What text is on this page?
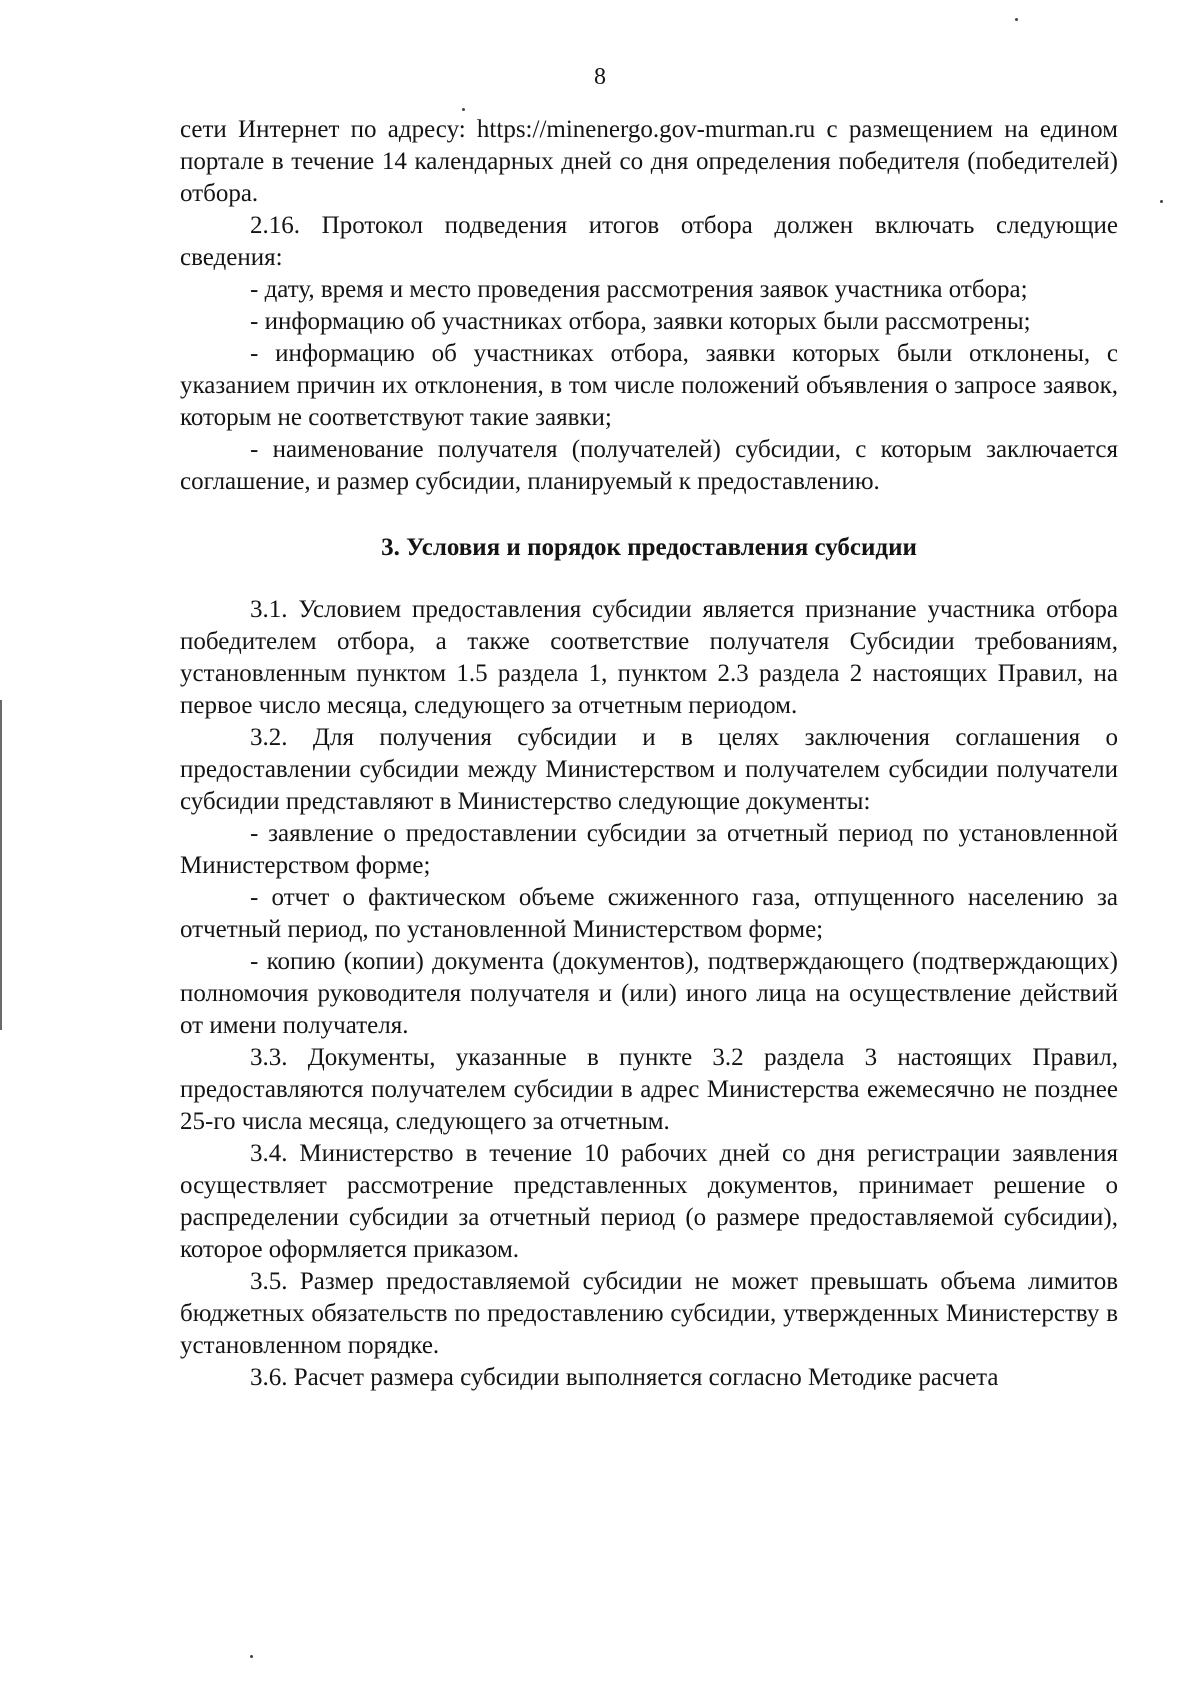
8

сети Интернет по адресу: https://minenergo.gov-murman.ru с размещением на едином портале в течение 14 календарных дней со дня определения победителя (победителей) отбора.

2.16. Протокол подведения итогов отбора должен включать следующие сведения:

- дату, время и место проведения рассмотрения заявок участника отбора;

- информацию об участниках отбора, заявки которых были рассмотрены;

- информацию об участниках отбора, заявки которых были отклонены, с указанием причин их отклонения, в том числе положений объявления о запросе заявок, которым не соответствуют такие заявки;

- наименование получателя (получателей) субсидии, с которым заключается соглашение, и размер субсидии, планируемый к предоставлению.

3. Условия и порядок предоставления субсидии

3.1. Условием предоставления субсидии является признание участника отбора победителем отбора, а также соответствие получателя Субсидии требованиям, установленным пунктом 1.5 раздела 1, пунктом 2.3 раздела 2 настоящих Правил, на первое число месяца, следующего за отчетным периодом.

3.2. Для получения субсидии и в целях заключения соглашения о предоставлении субсидии между Министерством и получателем субсидии получатели субсидии представляют в Министерство следующие документы:

- заявление о предоставлении субсидии за отчетный период по установленной Министерством форме;

- отчет о фактическом объеме сжиженного газа, отпущенного населению за отчетный период, по установленной Министерством форме;

- копию (копии) документа (документов), подтверждающего (подтверждающих) полномочия руководителя получателя и (или) иного лица на осуществление действий от имени получателя.

3.3. Документы, указанные в пункте 3.2 раздела 3 настоящих Правил, предоставляются получателем субсидии в адрес Министерства ежемесячно не позднее 25-го числа месяца, следующего за отчетным.

3.4. Министерство в течение 10 рабочих дней со дня регистрации заявления осуществляет рассмотрение представленных документов, принимает решение о распределении субсидии за отчетный период (о размере предоставляемой субсидии), которое оформляется приказом.

3.5. Размер предоставляемой субсидии не может превышать объема лимитов бюджетных обязательств по предоставлению субсидии, утвержденных Министерству в установленном порядке.

3.6. Расчет размера субсидии выполняется согласно Методике расчета
